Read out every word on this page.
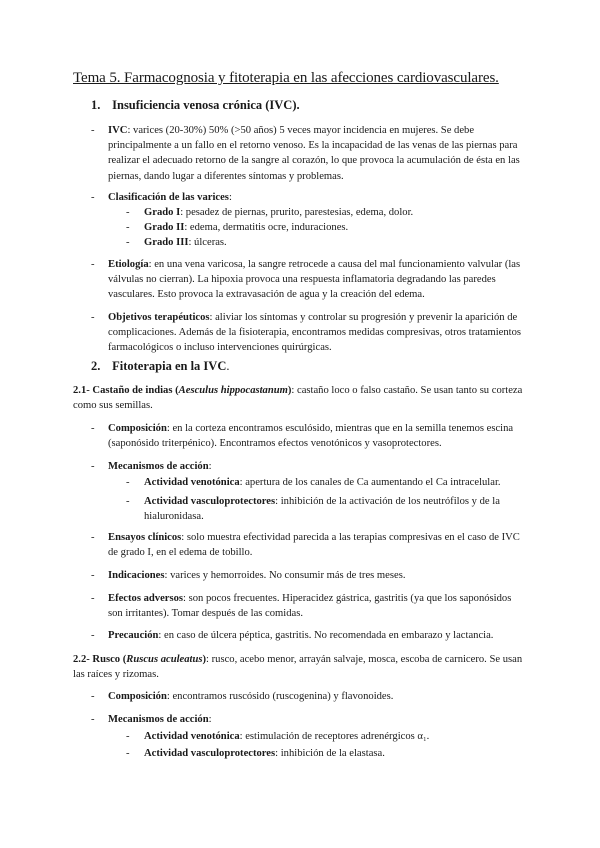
Tema 5. Farmacognosia y fitoterapia en las afecciones cardiovasculares.
1. Insuficiencia venosa crónica (IVC).
- IVC: varices (20-30%) 50% (>50 años) 5 veces mayor incidencia en mujeres. Se debe principalmente a un fallo en el retorno venoso. Es la incapacidad de las venas de las piernas para realizar el adecuado retorno de la sangre al corazón, lo que provoca la acumulación de ésta en las piernas, dando lugar a diferentes síntomas y problemas.
- Clasificación de las varices:
- Grado I: pesadez de piernas, prurito, parestesias, edema, dolor.
- Grado II: edema, dermatitis ocre, induraciones.
- Grado III: úlceras.
- Etiología: en una vena varicosa, la sangre retrocede a causa del mal funcionamiento valvular (las válvulas no cierran). La hipoxia provoca una respuesta inflamatoria degradando las paredes vasculares. Esto provoca la extravasación de agua y la creación del edema.
- Objetivos terapéuticos: aliviar los síntomas y controlar su progresión y prevenir la aparición de complicaciones. Además de la fisioterapia, encontramos medidas compresivas, otros tratamientos farmacológicos o incluso intervenciones quirúrgicas.
2. Fitoterapia en la IVC.
2.1- Castaño de indias (Aesculus hippocastanum): castaño loco o falso castaño. Se usan tanto su corteza como sus semillas.
- Composición: en la corteza encontramos esculósido, mientras que en la semilla tenemos escina (saponósido triterpénico). Encontramos efectos venotónicos y vasoprotectores.
- Mecanismos de acción:
- Actividad venotónica: apertura de los canales de Ca aumentando el Ca intracelular.
- Actividad vasculoprotectores: inhibición de la activación de los neutrófilos y de la hialuronidasa.
- Ensayos clínicos: solo muestra efectividad parecida a las terapias compresivas en el caso de IVC de grado I, en el edema de tobillo.
- Indicaciones: varices y hemorroides. No consumir más de tres meses.
- Efectos adversos: son pocos frecuentes. Hiperacidez gástrica, gastritis (ya que los saponósidos son irritantes). Tomar después de las comidas.
- Precaución: en caso de úlcera péptica, gastritis. No recomendada en embarazo y lactancia.
2.2- Rusco (Ruscus aculeatus): rusco, acebo menor, arrayán salvaje, mosca, escoba de carnicero. Se usan las raíces y rizomas.
- Composición: encontramos ruscósido (ruscogenina) y flavonoides.
- Mecanismos de acción:
- Actividad venotónica: estimulación de receptores adrenérgicos α₁.
- Actividad vasculoprotectores: inhibición de la elastasa.
